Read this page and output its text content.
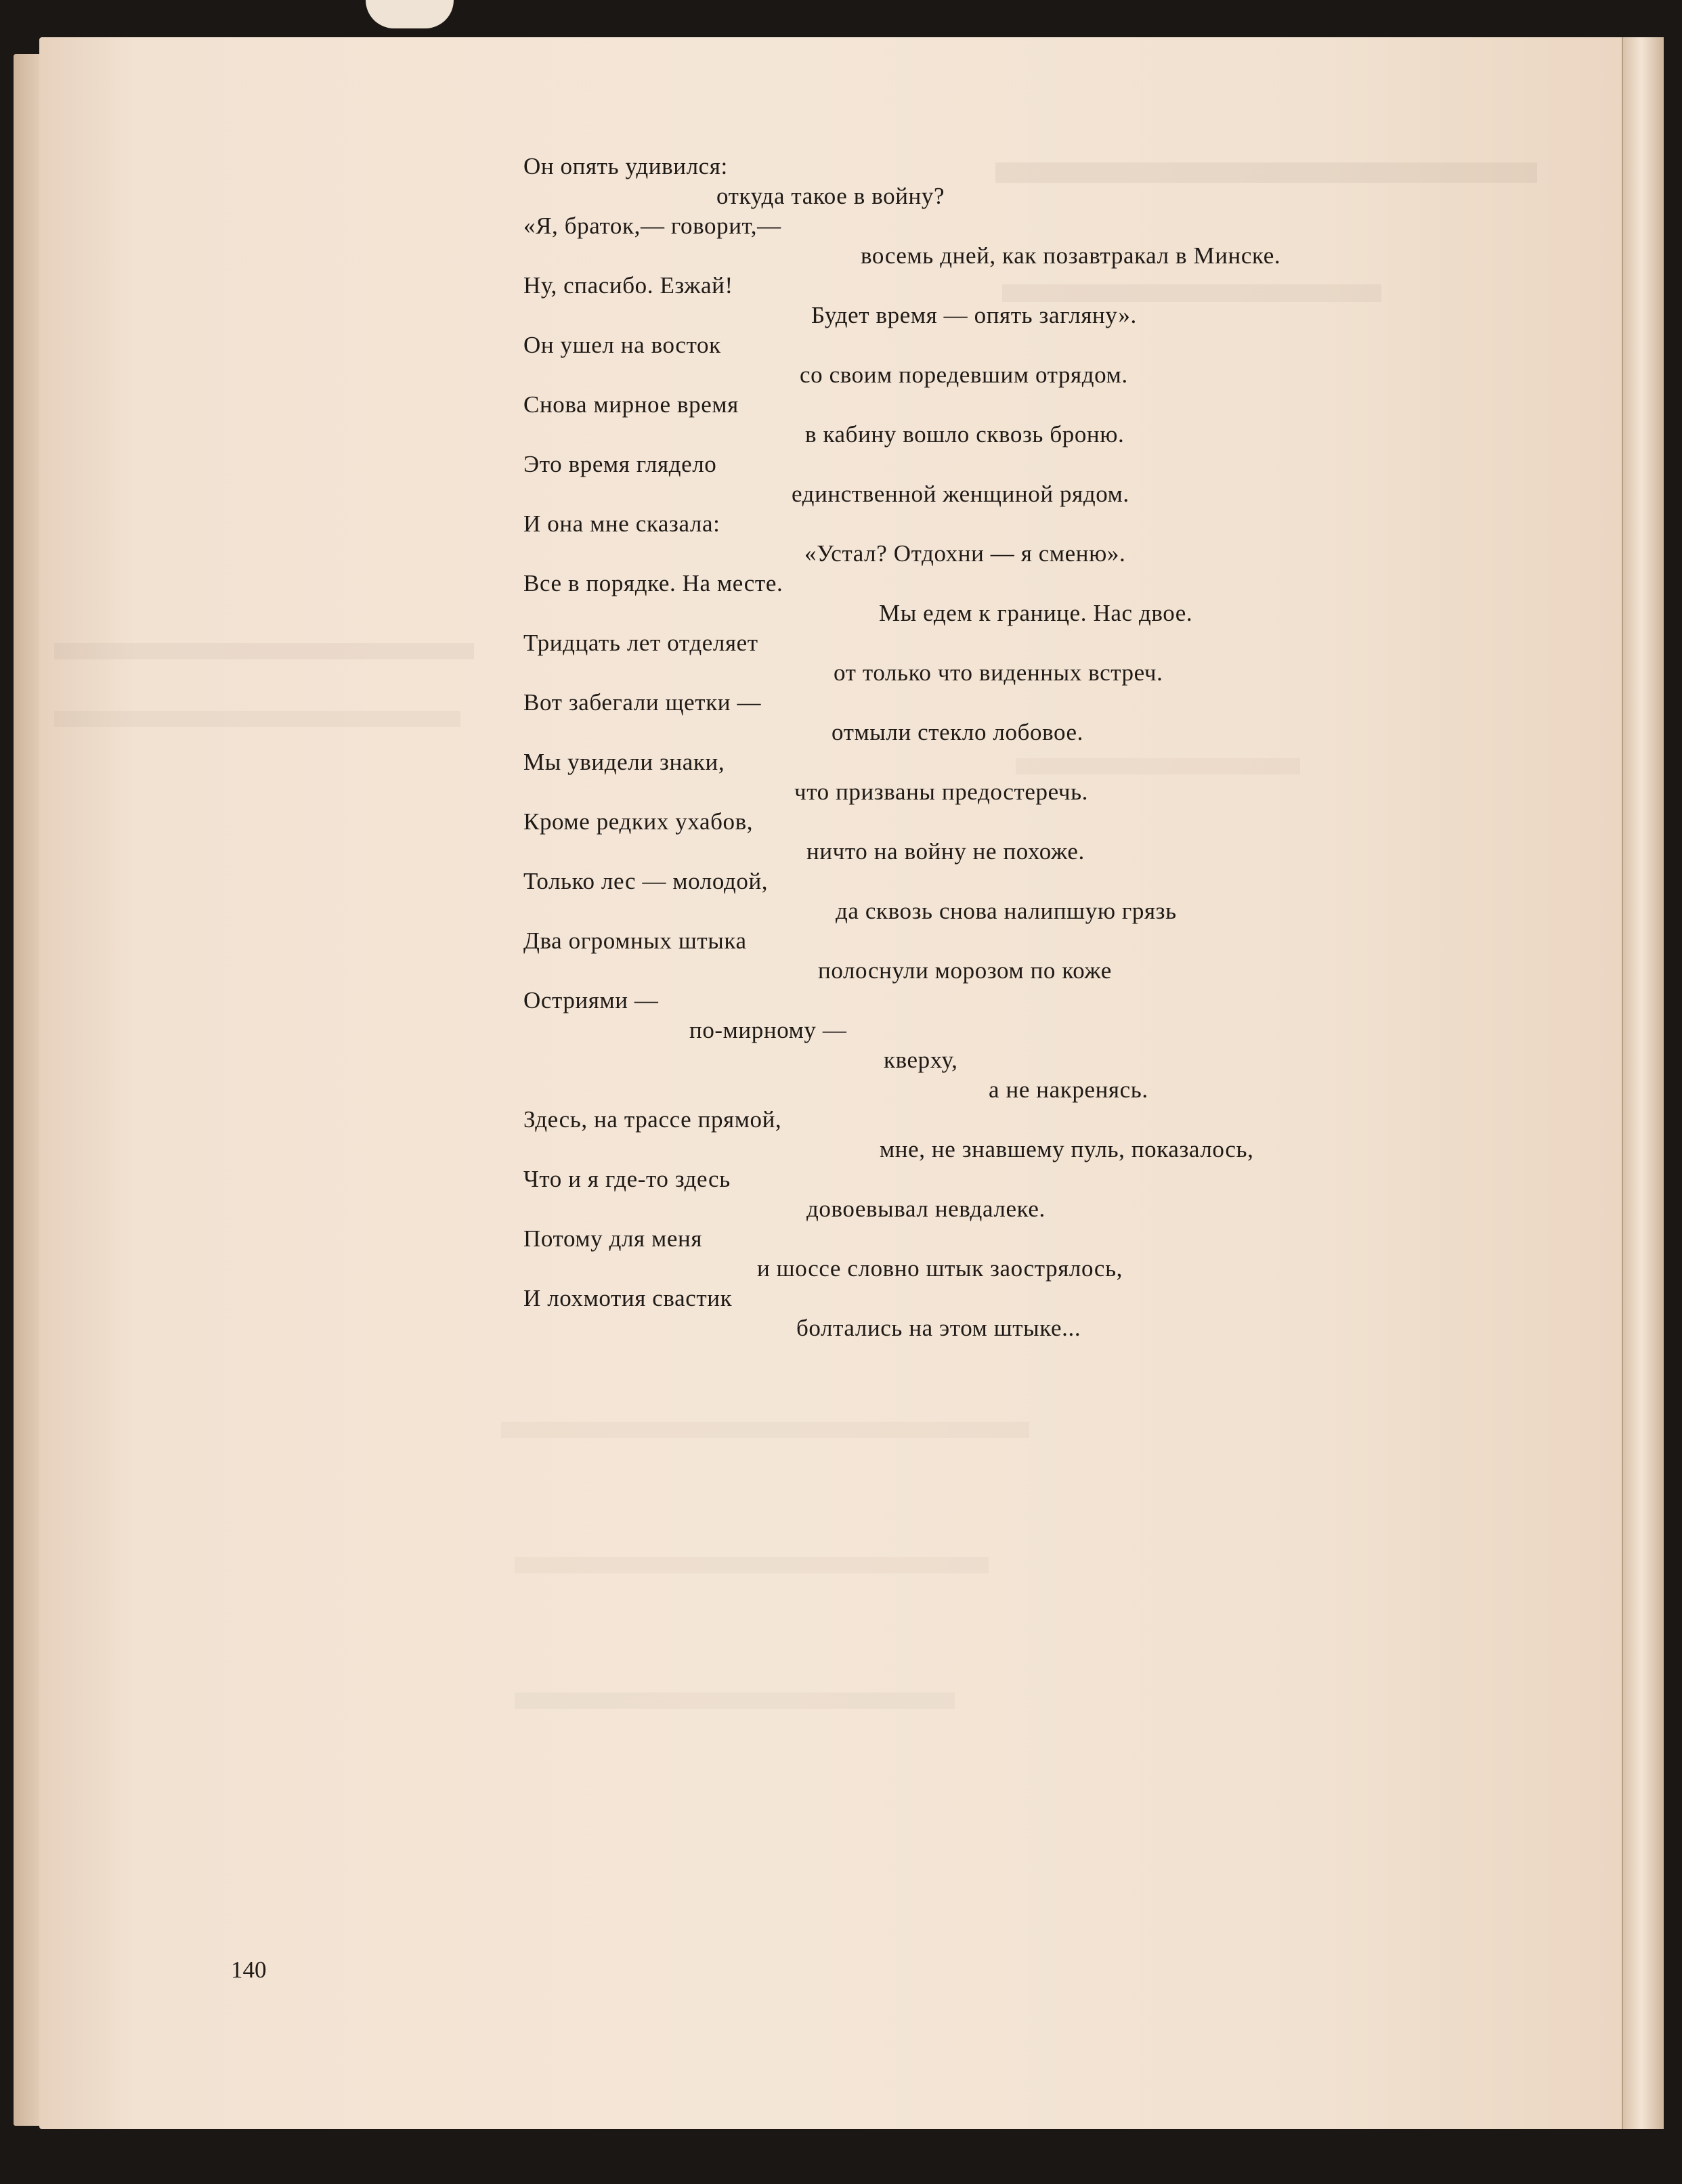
Он опять удивился:
откуда такое в войну?
«Я, браток,— говорит,—
восемь дней, как позавтракал в Минске.
Ну, спасибо. Езжай!
Будет время — опять загляну».
Он ушел на восток
со своим поредевшим отрядом.
Снова мирное время
в кабину вошло сквозь броню.
Это время глядело
единственной женщиной рядом.
И она мне сказала:
«Устал? Отдохни — я сменю».
Все в порядке. На месте.
Мы едем к границе. Нас двое.
Тридцать лет отделяет
от только что виденных встреч.
Вот забегали щетки —
отмыли стекло лобовое.
Мы увидели знаки,
что призваны предостеречь.
Кроме редких ухабов,
ничто на войну не похоже.
Только лес — молодой,
да сквозь снова налипшую грязь
Два огромных штыка
полоснули морозом по коже
Остриями —
по-мирному —
кверху,
а не накренясь.
Здесь, на трассе прямой,
мне, не знавшему пуль, показалось,
Что и я где-то здесь
довоевывал невдалеке.
Потому для меня
и шоссе словно штык заострялось,
И лохмотия свастик
болтались на этом штыке...
140
